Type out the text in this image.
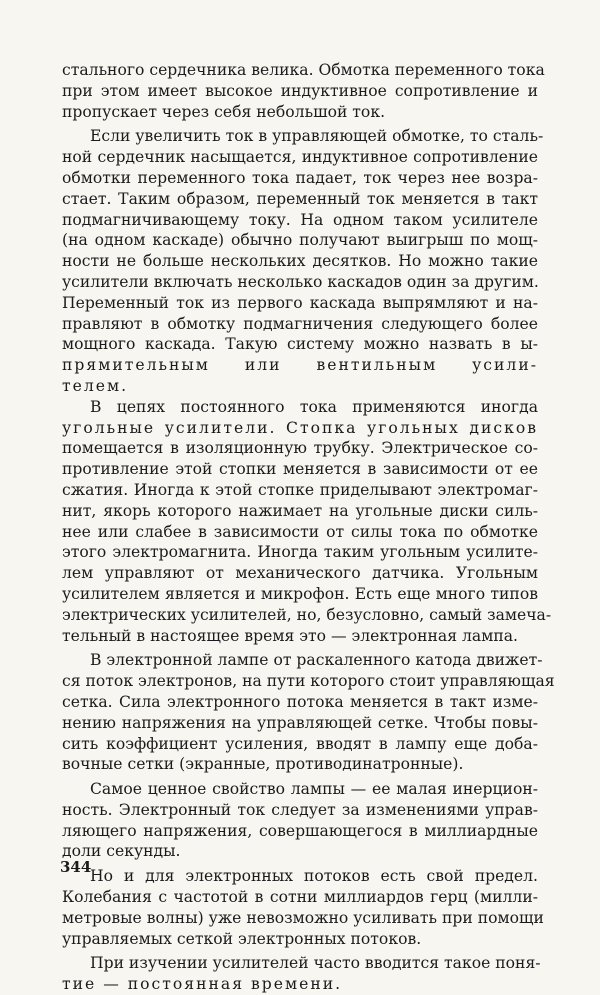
стального сердечника велика. Обмотка переменного тока
при этом имеет высокое индуктивное сопротивление и
пропускает через себя небольшой ток.
Если увеличить ток в управляющей обмотке, то сталь-
ной сердечник насыщается, индуктивное сопротивление
обмотки переменного тока падает, ток через нее возра-
стает. Таким образом, переменный ток меняется в такт
подмагничивающему току. На одном таком усилителе
(на одном каскаде) обычно получают выигрыш по мощ-
ности не больше нескольких десятков. Но можно такие
усилители включать несколько каскадов один за другим.
Переменный ток из первого каскада выпрямляют и на-
правляют в обмотку подмагничения следующего более
мощного каскада. Такую систему можно назвать в ы-
прямительным или вентильным усили-
телем.
В цепях постоянного тока применяются иногда
угольные усилители. Стопка угольных дисков
помещается в изоляционную трубку. Электрическое со-
противление этой стопки меняется в зависимости от ее
сжатия. Иногда к этой стопке приделывают электромаг-
нит, якорь которого нажимает на угольные диски силь-
нее или слабее в зависимости от силы тока по обмотке
этого электромагнита. Иногда таким угольным усилите-
лем управляют от механического датчика. Угольным
усилителем является и микрофон. Есть еще много типов
электрических усилителей, но, безусловно, самый замеча-
тельный в настоящее время это — электронная лампа.
В электронной лампе от раскаленного катода движет-
ся поток электронов, на пути которого стоит управляющая
сетка. Сила электронного потока меняется в такт изме-
нению напряжения на управляющей сетке. Чтобы повы-
сить коэффициент усиления, вводят в лампу еще доба-
вочные сетки (экранные, противодинатронные).
Самое ценное свойство лампы — ее малая инерцион-
ность. Электронный ток следует за изменениями управ-
ляющего напряжения, совершающегося в миллиардные
доли секунды.
Но и для электронных потоков есть свой предел.
Колебания с частотой в сотни миллиардов герц (милли-
метровые волны) уже невозможно усиливать при помощи
управляемых сеткой электронных потоков.
При изучении усилителей часто вводится такое поня-
тие — постоянная времени.
344
